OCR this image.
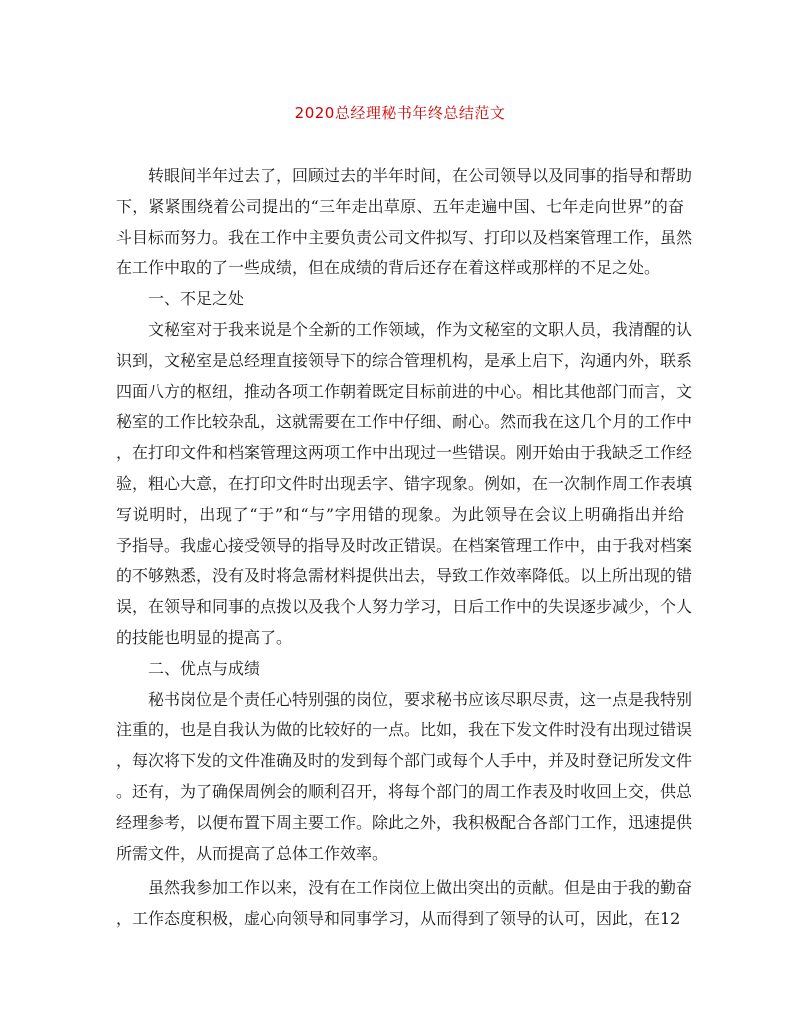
2020总经理秘书年终总结范文
　　转眼间半年过去了，回顾过去的半年时间，在公司领导以及同事的指导和帮助
下，紧紧围绕着公司提出的“三年走出草原、五年走遍中国、七年走向世界”的奋
斗目标而努力。我在工作中主要负责公司文件拟写、打印以及档案管理工作，虽然
在工作中取的了一些成绩，但在成绩的背后还存在着这样或那样的不足之处。
　　一、不足之处
　　文秘室对于我来说是个全新的工作领域，作为文秘室的文职人员，我清醒的认
识到，文秘室是总经理直接领导下的综合管理机构，是承上启下，沟通内外，联系
四面八方的枢纽，推动各项工作朝着既定目标前进的中心。相比其他部门而言，文
秘室的工作比较杂乱，这就需要在工作中仔细、耐心。然而我在这几个月的工作中
，在打印文件和档案管理这两项工作中出现过一些错误。刚开始由于我缺乏工作经
验，粗心大意，在打印文件时出现丢字、错字现象。例如，在一次制作周工作表填
写说明时，出现了“于”和“与”字用错的现象。为此领导在会议上明确指出并给
予指导。我虚心接受领导的指导及时改正错误。在档案管理工作中，由于我对档案
的不够熟悉，没有及时将急需材料提供出去，导致工作效率降低。以上所出现的错
误，在领导和同事的点拨以及我个人努力学习，日后工作中的失误逐步减少，个人
的技能也明显的提高了。
　　二、优点与成绩
　　秘书岗位是个责任心特别强的岗位，要求秘书应该尽职尽责，这一点是我特别
注重的，也是自我认为做的比较好的一点。比如，我在下发文件时没有出现过错误
，每次将下发的文件准确及时的发到每个部门或每个人手中，并及时登记所发文件
。还有，为了确保周例会的顺利召开，将每个部门的周工作表及时收回上交，供总
经理参考，以便布置下周主要工作。除此之外，我积极配合各部门工作，迅速提供
所需文件，从而提高了总体工作效率。
　　虽然我参加工作以来，没有在工作岗位上做出突出的贡献。但是由于我的勤奋
，工作态度积极，虚心向领导和同事学习，从而得到了领导的认可，因此，在12
